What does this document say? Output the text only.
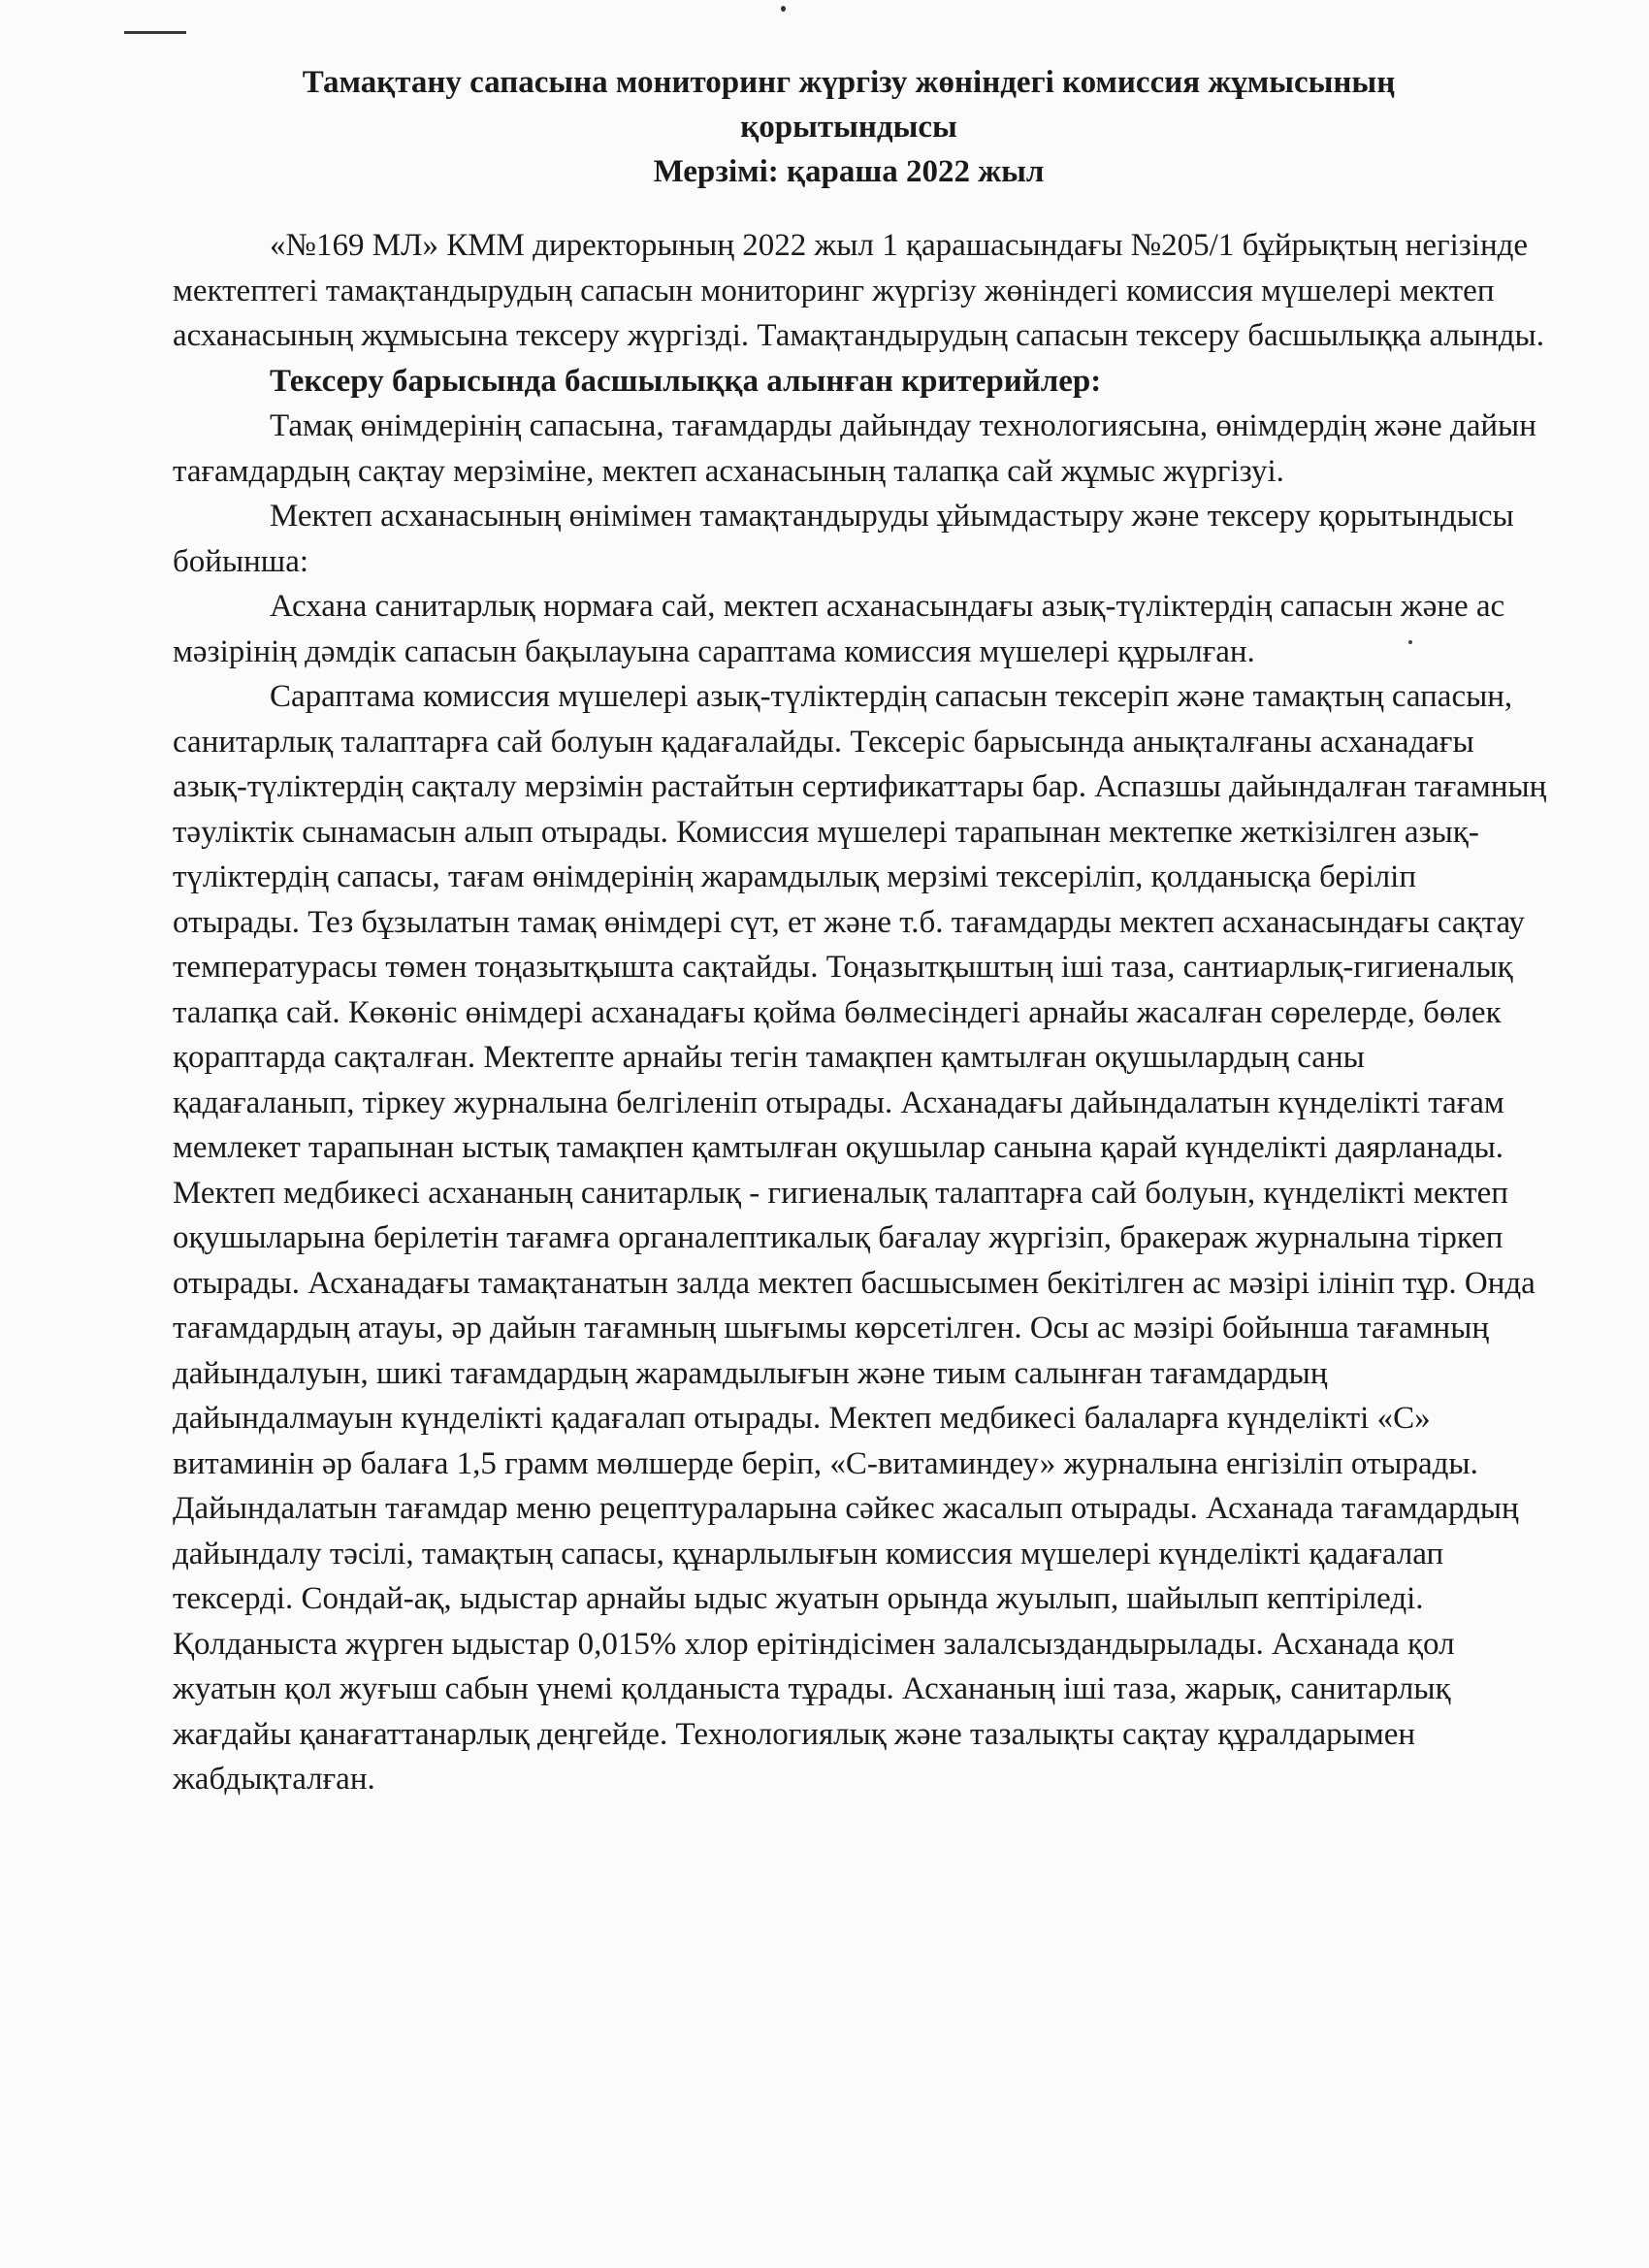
Тамақтану сапасына мониторинг жүргізу жөніндегі комиссия жұмысының
қорытындысы
Мерзімі: қараша 2022 жыл

«№169 МЛ» КММ директорының 2022 жыл 1 қарашасындағы №205/1 бұйрықтың негізінде мектептегі тамақтандырудың сапасын мониторинг жүргізу жөніндегі комиссия мүшелері мектеп асханасының жұмысына тексеру жүргізді. Тамақтандырудың сапасын тексеру басшылыққа алынды.

Тексеру барысында басшылыққа алынған критерийлер:

Тамақ өнімдерінің сапасына, тағамдарды дайындау технологиясына, өнімдердің және дайын тағамдардың сақтау мерзіміне, мектеп асханасының талапқа сай жұмыс жүргізуі.

Мектеп асханасының өнімімен тамақтандыруды ұйымдастыру және тексеру қорытындысы бойынша:

Асхана санитарлық нормаға сай, мектеп асханасындағы азық-түліктердің сапасын және ас мәзірінің дәмдік сапасын бақылауына сараптама комиссия мүшелері құрылған.

Сараптама комиссия мүшелері азық-түліктердің сапасын тексеріп және тамақтың сапасын, санитарлық талаптарға сай болуын қадағалайды. Тексеріс барысында анықталғаны асханадағы азық-түліктердің сақталу мерзімін растайтын сертификаттары бар. Аспазшы дайындалған тағамның тәуліктік сынамасын алып отырады. Комиссия мүшелері тарапынан мектепке жеткізілген азық-түліктердің сапасы, тағам өнімдерінің жарамдылық мерзімі тексеріліп, қолданысқа беріліп отырады. Тез бұзылатын тамақ өнімдері сүт, ет және т.б. тағамдарды мектеп асханасындағы сақтау температурасы төмен тоңазытқышта сақтайды. Тоңазытқыштың іші таза, сантиарлық-гигиеналық талапқа сай. Көкөніс өнімдері асханадағы қойма бөлмесіндегі арнайы жасалған сөрелерде, бөлек қораптарда сақталған. Мектепте арнайы тегін тамақпен қамтылған оқушылардың саны қадағаланып, тіркеу журналына белгіленіп отырады. Асханадағы дайындалатын күнделікті тағам мемлекет тарапынан ыстық тамақпен қамтылған оқушылар санына қарай күнделікті даярланады. Мектеп медбикесі асхананың санитарлық - гигиеналық талаптарға сай болуын, күнделікті мектеп оқушыларына берілетін тағамға органалептикалық бағалау жүргізіп, бракераж журналына тіркеп отырады. Асханадағы тамақтанатын залда мектеп басшысымен бекітілген ас мәзірі ілініп тұр. Онда тағамдардың атауы, әр дайын тағамның шығымы көрсетілген. Осы ас мәзірі бойынша тағамның дайындалуын, шикі тағамдардың жарамдылығын және тиым салынған тағамдардың дайындалмауын күнделікті қадағалап отырады. Мектеп медбикесі балаларға күнделікті «С» витаминін әр балаға 1,5 грамм мөлшерде беріп, «С-витаминдеу» журналына енгізіліп отырады. Дайындалатын тағамдар меню рецептураларына сәйкес жасалып отырады. Асханада тағамдардың дайындалу тәсілі, тамақтың сапасы, құнарлылығын комиссия мүшелері күнделікті қадағалап тексерді. Сондай-ақ, ыдыстар арнайы ыдыс жуатын орында жуылып, шайылып кептіріледі. Қолданыста жүрген ыдыстар 0,015% хлор ерітіндісімен залалсыздандырылады. Асханада қол жуатын қол жуғыш сабын үнемі қолданыста тұрады. Асхананың іші таза, жарық, санитарлық жағдайы қанағаттанарлық деңгейде. Технологиялық және тазалықты сақтау құралдарымен жабдықталған.
